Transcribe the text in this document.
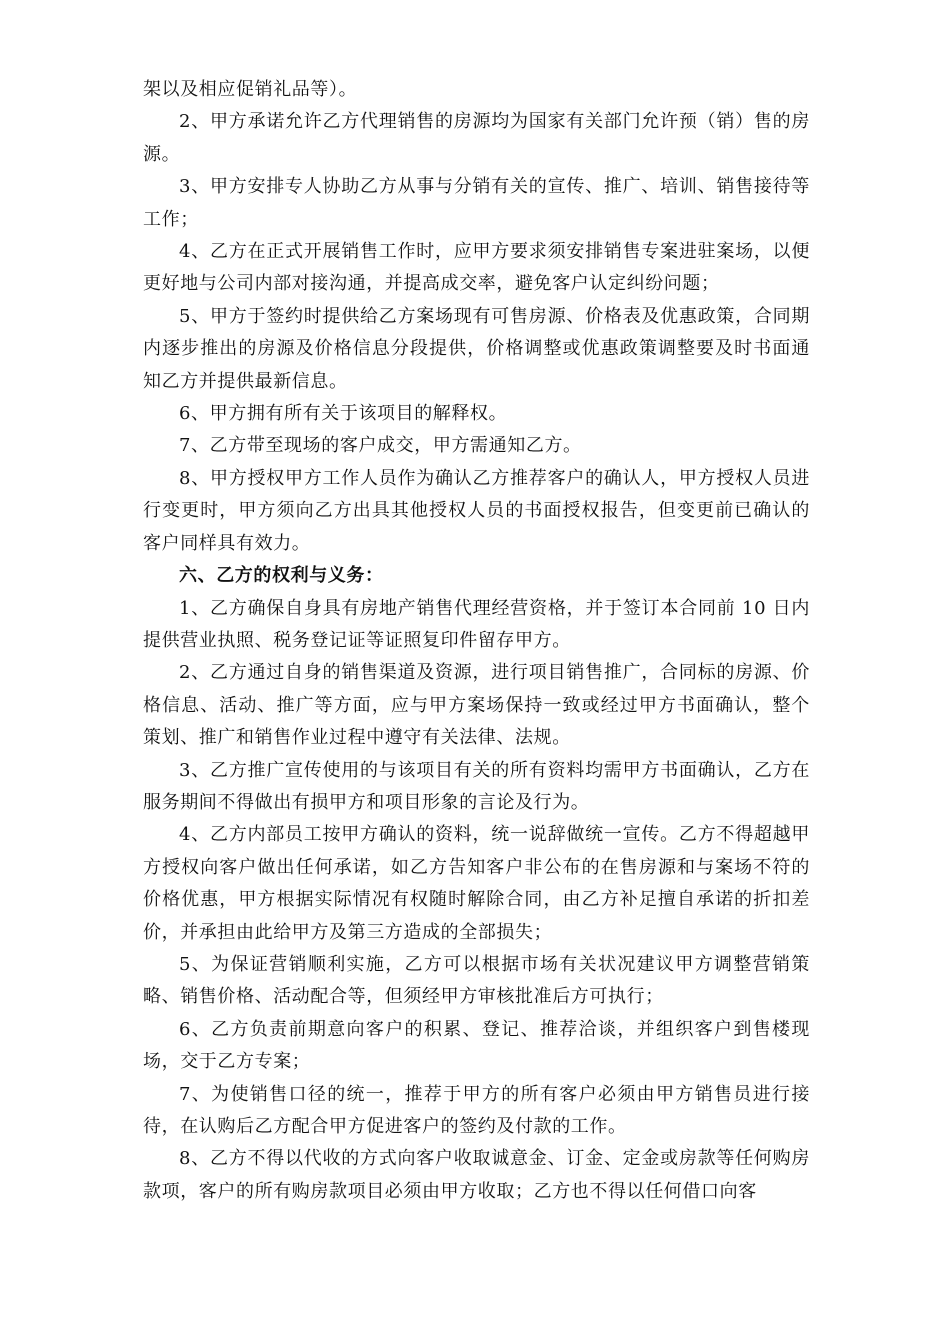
架以及相应促销礼品等）。

2、甲方承诺允许乙方代理销售的房源均为国家有关部门允许预（销）售的房源。

3、甲方安排专人协助乙方从事与分销有关的宣传、推广、培训、销售接待等工作；

4、乙方在正式开展销售工作时，应甲方要求须安排销售专案进驻案场，以便更好地与公司内部对接沟通，并提高成交率，避免客户认定纠纷问题；

5、甲方于签约时提供给乙方案场现有可售房源、价格表及优惠政策，合同期内逐步推出的房源及价格信息分段提供，价格调整或优惠政策调整要及时书面通知乙方并提供最新信息。

6、甲方拥有所有关于该项目的解释权。

7、乙方带至现场的客户成交，甲方需通知乙方。

8、甲方授权甲方工作人员作为确认乙方推荐客户的确认人，甲方授权人员进行变更时，甲方须向乙方出具其他授权人员的书面授权报告，但变更前已确认的客户同样具有效力。

六、乙方的权利与义务：

1、乙方确保自身具有房地产销售代理经营资格，并于签订本合同前 10 日内提供营业执照、税务登记证等证照复印件留存甲方。

2、乙方通过自身的销售渠道及资源，进行项目销售推广，合同标的房源、价格信息、活动、推广等方面，应与甲方案场保持一致或经过甲方书面确认，整个策划、推广和销售作业过程中遵守有关法律、法规。

3、乙方推广宣传使用的与该项目有关的所有资料均需甲方书面确认，乙方在服务期间不得做出有损甲方和项目形象的言论及行为。

4、乙方内部员工按甲方确认的资料，统一说辞做统一宣传。乙方不得超越甲方授权向客户做出任何承诺，如乙方告知客户非公布的在售房源和与案场不符的价格优惠，甲方根据实际情况有权随时解除合同，由乙方补足擅自承诺的折扣差价，并承担由此给甲方及第三方造成的全部损失；

5、为保证营销顺利实施，乙方可以根据市场有关状况建议甲方调整营销策略、销售价格、活动配合等，但须经甲方审核批准后方可执行；

6、乙方负责前期意向客户的积累、登记、推荐洽谈，并组织客户到售楼现场，交于乙方专案；

7、为使销售口径的统一，推荐于甲方的所有客户必须由甲方销售员进行接待，在认购后乙方配合甲方促进客户的签约及付款的工作。

8、乙方不得以代收的方式向客户收取诚意金、订金、定金或房款等任何购房款项，客户的所有购房款项目必须由甲方收取；乙方也不得以任何借口向客
